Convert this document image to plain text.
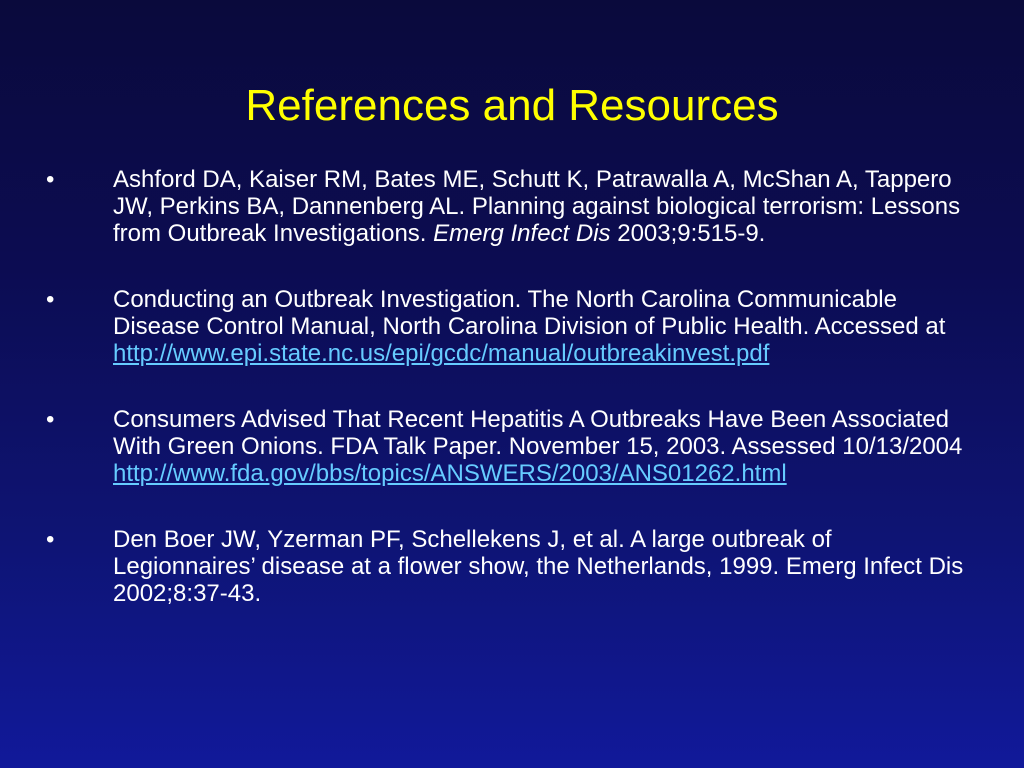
References and Resources
• Ashford DA, Kaiser RM, Bates ME, Schutt K, Patrawalla A, McShan A, Tappero JW, Perkins BA, Dannenberg AL. Planning against biological terrorism: Lessons from Outbreak Investigations. Emerg Infect Dis 2003;9:515-9.
• Conducting an Outbreak Investigation. The North Carolina Communicable Disease Control Manual, North Carolina Division of Public Health. Accessed at
http://www.epi.state.nc.us/epi/gcdc/manual/outbreakinvest.pdf
• Consumers Advised That Recent Hepatitis A Outbreaks Have Been Associated With Green Onions. FDA Talk Paper. November 15, 2003. Assessed 10/13/2004
http://www.fda.gov/bbs/topics/ANSWERS/2003/ANS01262.html
• Den Boer JW, Yzerman PF, Schellekens J, et al. A large outbreak of Legionnaires’ disease at a flower show, the Netherlands, 1999. Emerg Infect Dis 2002;8:37-43.
